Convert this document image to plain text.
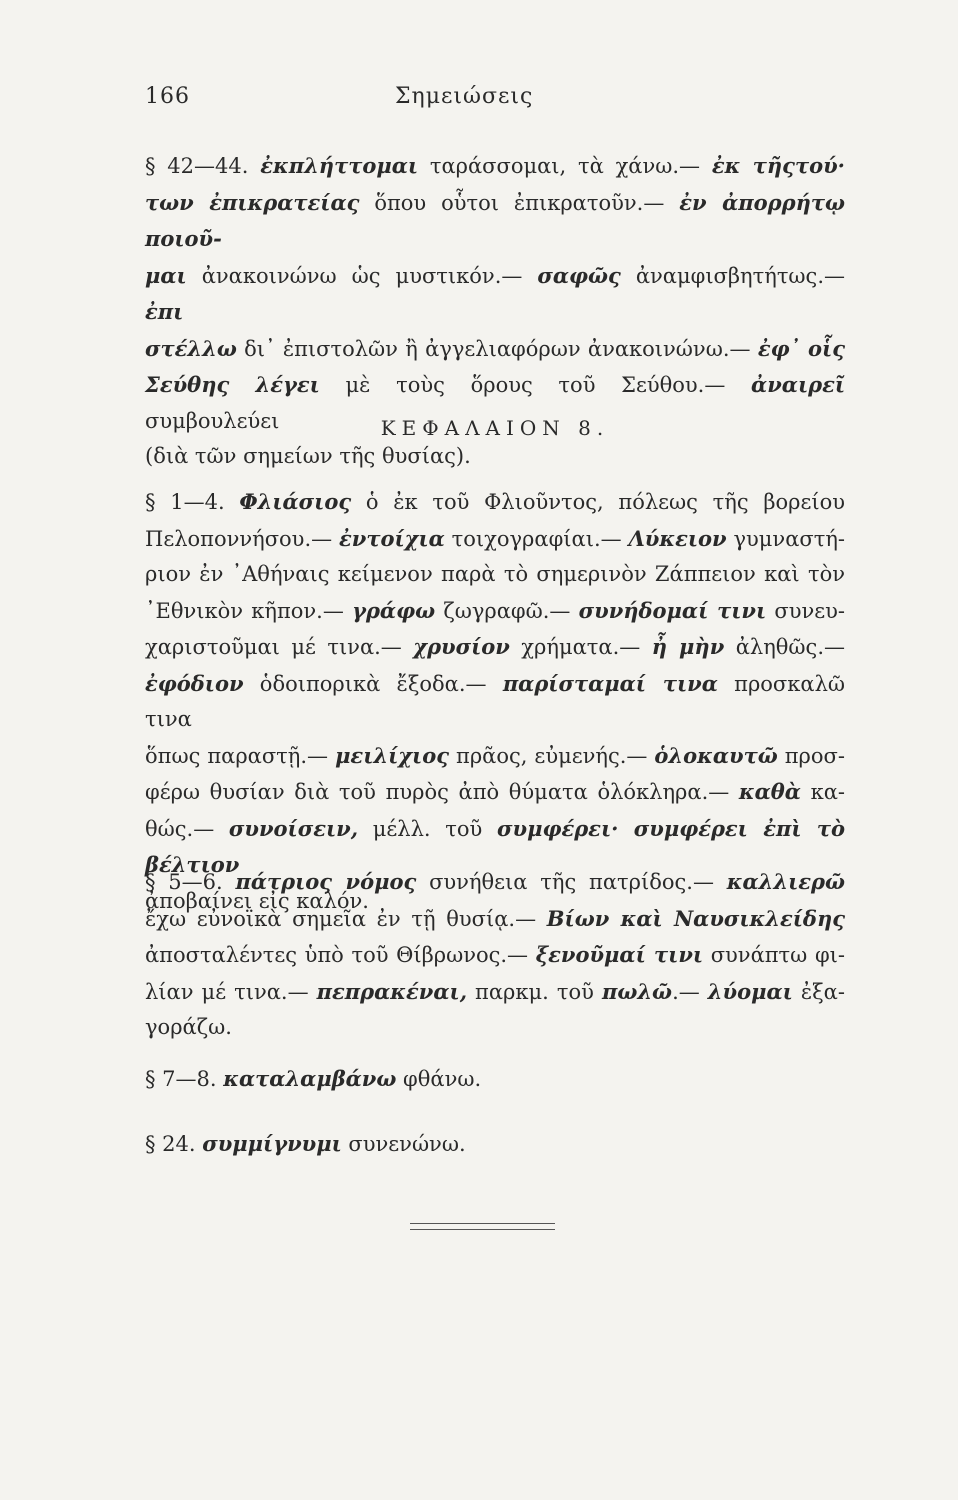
166	Σημειώσεις

§ 42—44. ἐκπλήττομαι ταράσσομαι, τὰ χάνω.— ἐκ τῆςτού·
των ἐπικρατείας ὅπου οὗτοι ἐπικρατοῦν.— ἐν ἀπορρήτῳ ποιοῦ-
μαι ἀνακοινώνω ὡς μυστικόν.— σαφῶς ἀναμφισβητήτως.— ἐπι
στέλλω δι᾽ ἐπιστολῶν ἢ ἀγγελιαφόρων ἀνακοινώνω.— ἐφ᾽ οἷς
Σεύθης λέγει μὲ τοὺς ὅρους τοῦ Σεύθου.— ἀναιρεῖ συμβουλεύει
(διὰ τῶν σημείων τῆς θυσίας).

ΚΕΦΑΛΑΙΟΝ 8.

§ 1—4. Φλιάσιος ὁ ἐκ τοῦ Φλιοῦντος, πόλεως τῆς βορείου
Πελοποννήσου.— ἐντοίχια τοιχογραφίαι.— Λύκειον γυμναστή-
ριον ἐν ᾽Αθήναις κείμενον παρὰ τὸ σημερινὸν Ζάππειον καὶ τὸν
᾽Εθνικὸν κῆπον.— γράφω ζωγραφῶ.— συνήδομαί τινι συνευ-
χαριστοῦμαι μέ τινα.— χρυσίον χρήματα.— ἦ μὴν ἀληθῶς.—
ἐφόδιον ὁδοιπορικὰ ἔξοδα.— παρίσταμαί τινα προσκαλῶ τινα
ὅπως παραστῇ.— μειλίχιος πρᾶος, εὐμενής.— ὁλοκαυτῶ προσ-
φέρω θυσίαν διὰ τοῦ πυρὸς ἀπὸ θύματα ὁλόκληρα.— καθὰ κα-
θώς.— συνοίσειν, μέλλ. τοῦ συμφέρει· συμφέρει ἐπὶ τὸ βέλτιον
ἀποβαίνει εἰς καλόν.

§ 5—6. πάτριος νόμος συνήθεια τῆς πατρίδος.— καλλιερῶ
ἔχω εὐνοϊκὰ σημεῖα ἐν τῇ θυσίᾳ.— Βίων καὶ Ναυσικλείδης
ἀποσταλέντες ὑπὸ τοῦ Θίβρωνος.— ξενοῦμαί τινι συνάπτω φι-
λίαν μέ τινα.— πεπρακέναι, παρκμ. τοῦ πωλῶ.— λύομαι ἐξα-
γοράζω.

§ 7—8. καταλαμβάνω φθάνω.

§ 24. συμμίγνυμι συνενώνω.
